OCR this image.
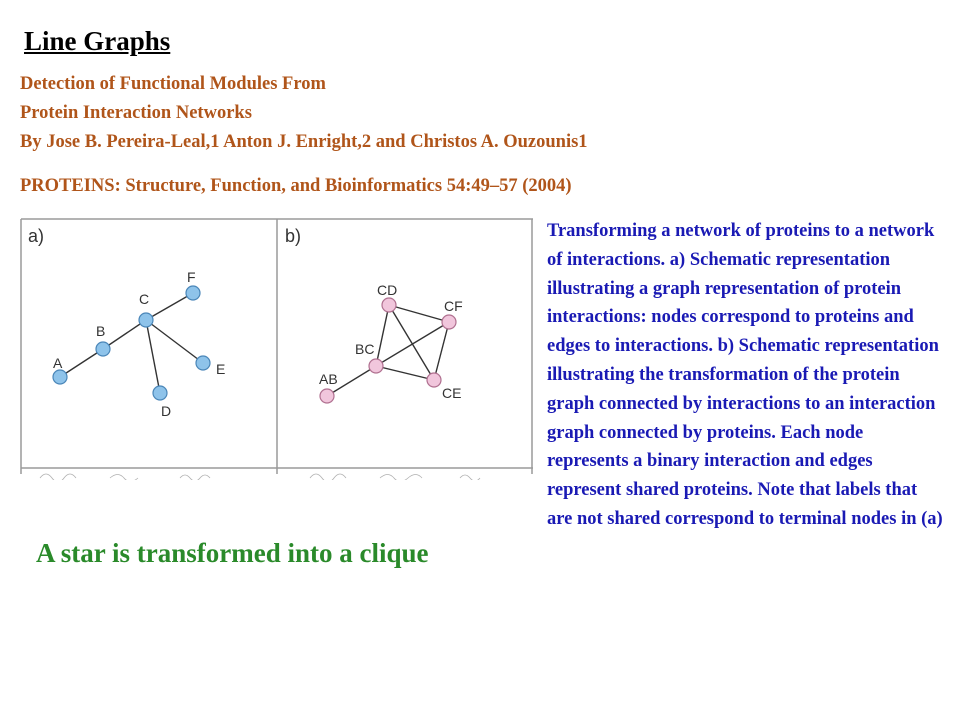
Line Graphs
Detection of Functional Modules From
Protein Interaction Networks
By Jose B. Pereira-Leal,1 Anton J. Enright,2 and Christos A. Ouzounis1
PROTEINS: Structure, Function, and Bioinformatics 54:49–57 (2004)
a)	b)
A
B
C
D
E
F
AB
BC
CD
CE
CF
Transforming a network of proteins to a network of interactions. a) Schematic representation illustrating a graph representation of protein interactions: nodes correspond to proteins and edges to interactions. b) Schematic representation illustrating the transformation of the protein graph connected by interactions to an interaction graph connected by proteins. Each node represents a binary interaction and edges represent shared proteins. Note that labels that are not shared correspond to terminal nodes in (a)
A star is transformed into a clique
